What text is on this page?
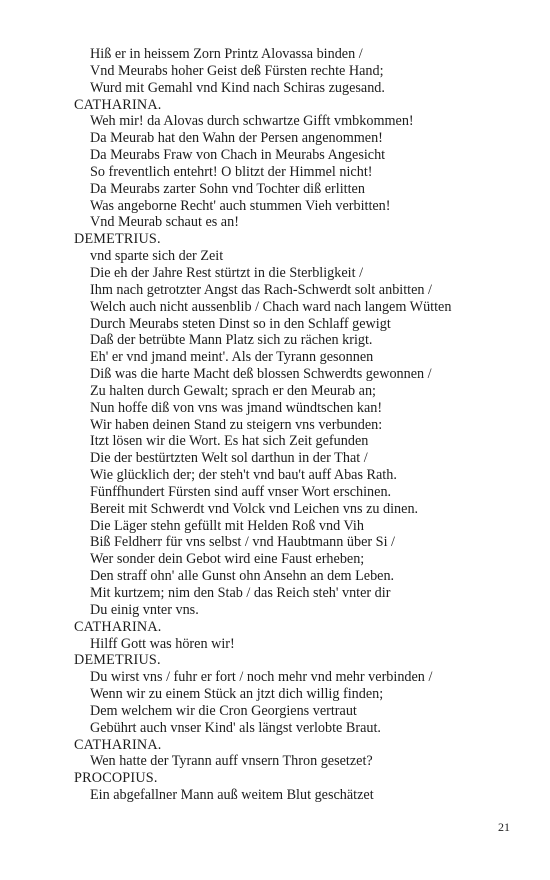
Hiß er in heissem Zorn Printz Alovassa binden /
Vnd Meurabs hoher Geist deß Fürsten rechte Hand;
Wurd mit Gemahl vnd Kind nach Schiras zugesand.
CATHARINA.
Weh mir! da Alovas durch schwartze Gifft vmbkommen!
Da Meurab hat den Wahn der Persen angenommen!
Da Meurabs Fraw von Chach in Meurabs Angesicht
So freventlich entehrt! O blitzt der Himmel nicht!
Da Meurabs zarter Sohn vnd Tochter diß erlitten
Was angeborne Recht' auch stummen Vieh verbitten!
Vnd Meurab schaut es an!
DEMETRIUS.
vnd sparte sich der Zeit
Die eh der Jahre Rest stürtzt in die Sterbligkeit /
Ihm nach getrotzter Angst das Rach-Schwerdt solt anbitten /
Welch auch nicht aussenblib / Chach ward nach langem Wütten
Durch Meurabs steten Dinst so in den Schlaff gewigt
Daß der betrübte Mann Platz sich zu rächen krigt.
Eh' er vnd jmand meint'. Als der Tyrann gesonnen
Diß was die harte Macht deß blossen Schwerdts gewonnen /
Zu halten durch Gewalt; sprach er den Meurab an;
Nun hoffe diß von vns was jmand wündtschen kan!
Wir haben deinen Stand zu steigern vns verbunden:
Itzt lösen wir die Wort. Es hat sich Zeit gefunden
Die der bestürtzten Welt sol darthun in der That /
Wie glücklich der; der steh't vnd bau't auff Abas Rath.
Fünffhundert Fürsten sind auff vnser Wort erschinen.
Bereit mit Schwerdt vnd Volck vnd Leichen vns zu dinen.
Die Läger stehn gefüllt mit Helden Roß vnd Vih
Biß Feldherr für vns selbst / vnd Haubtmann über Si /
Wer sonder dein Gebot wird eine Faust erheben;
Den straff ohn' alle Gunst ohn Ansehn an dem Leben.
Mit kurtzem; nim den Stab / das Reich steh' vnter dir
Du einig vnter vns.
CATHARINA.
Hilff Gott was hören wir!
DEMETRIUS.
Du wirst vns / fuhr er fort / noch mehr vnd mehr verbinden /
Wenn wir zu einem Stück an jtzt dich willig finden;
Dem welchem wir die Cron Georgiens vertraut
Gebührt auch vnser Kind' als längst verlobte Braut.
CATHARINA.
Wen hatte der Tyrann auff vnsern Thron gesetzet?
PROCOPIUS.
Ein abgefallner Mann auß weitem Blut geschätzet
21
